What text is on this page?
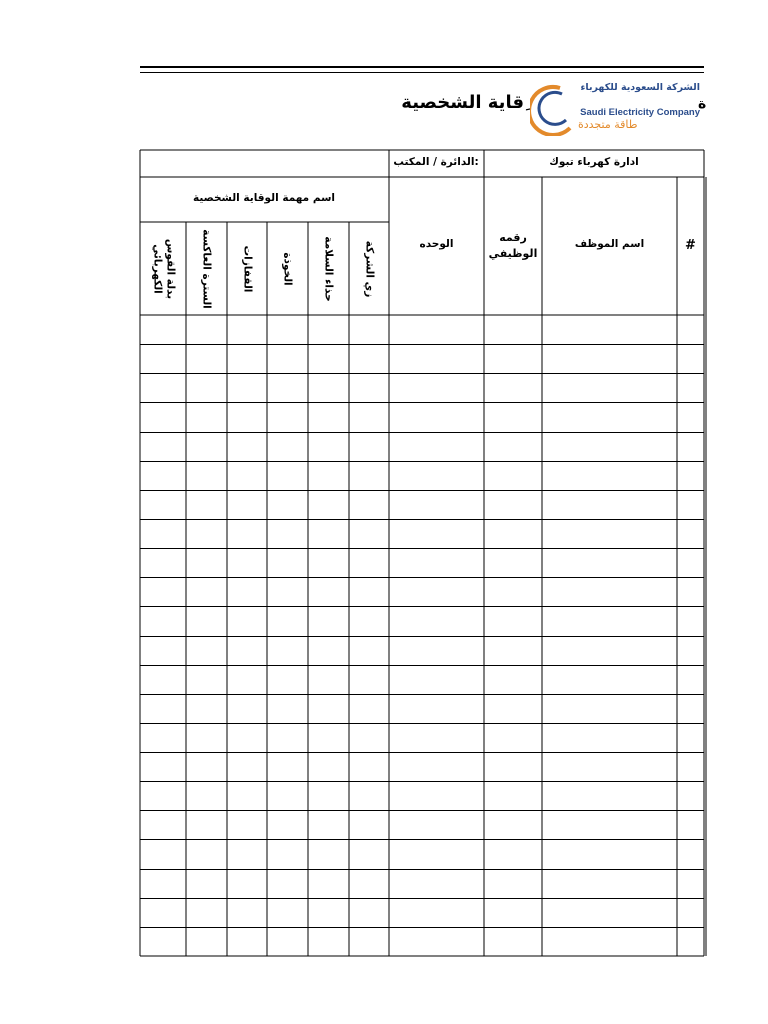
ِقاية الشخصية	ة
الشركة السعودية للكهرباء
Saudi Electricity Company
طاقة متجددة
:الدائرة / المكتب	ادارة كهرباء تبوك
اسم مهمة الوقاية الشخصية
#
اسم الموظف
رقمه الوظيفي
الوحده
زي الشركة
حذاء السلامة
الخوذة
القفازات
السترة العاكسة
بدلة القوس الكهربائي
